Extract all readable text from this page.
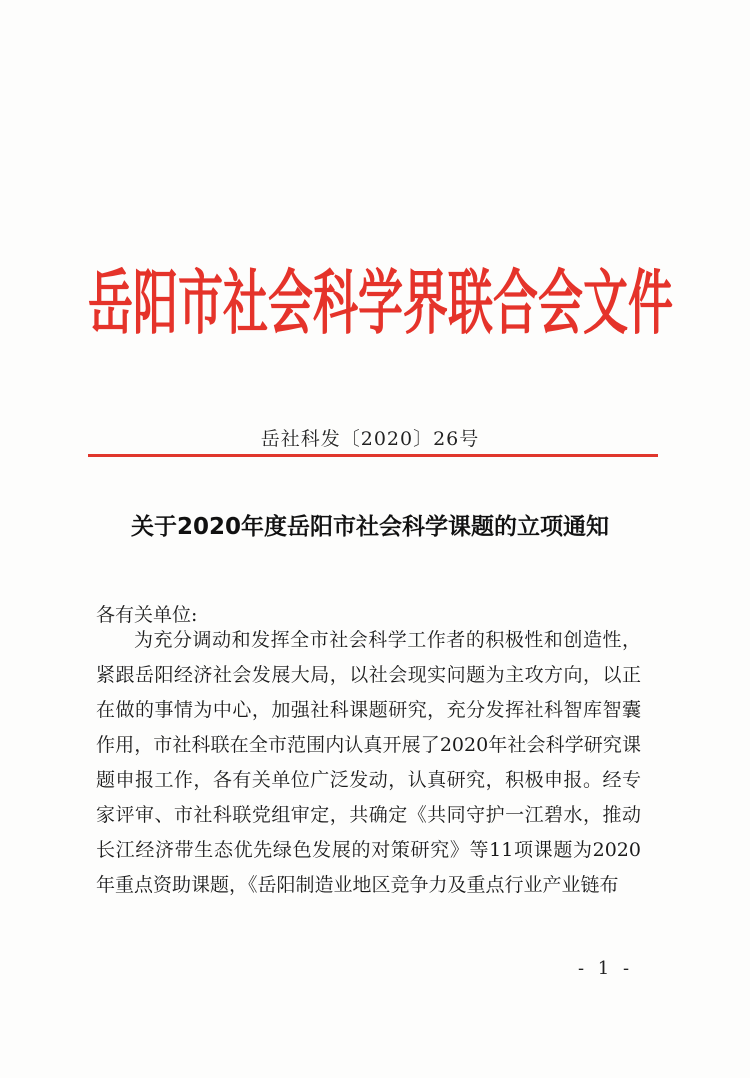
岳阳市社会科学界联合会文件
岳社科发〔2020〕26号
关于2020年度岳阳市社会科学课题的立项通知
各有关单位:
为充分调动和发挥全市社会科学工作者的积极性和创造性，紧跟岳阳经济社会发展大局，以社会现实问题为主攻方向，以正在做的事情为中心，加强社科课题研究，充分发挥社科智库智囊作用，市社科联在全市范围内认真开展了2020年社会科学研究课题申报工作，各有关单位广泛发动，认真研究，积极申报。经专家评审、市社科联党组审定，共确定《共同守护一江碧水，推动长江经济带生态优先绿色发展的对策研究》等11项课题为2020年重点资助课题，《岳阳制造业地区竞争力及重点行业产业链布
- 1 -
